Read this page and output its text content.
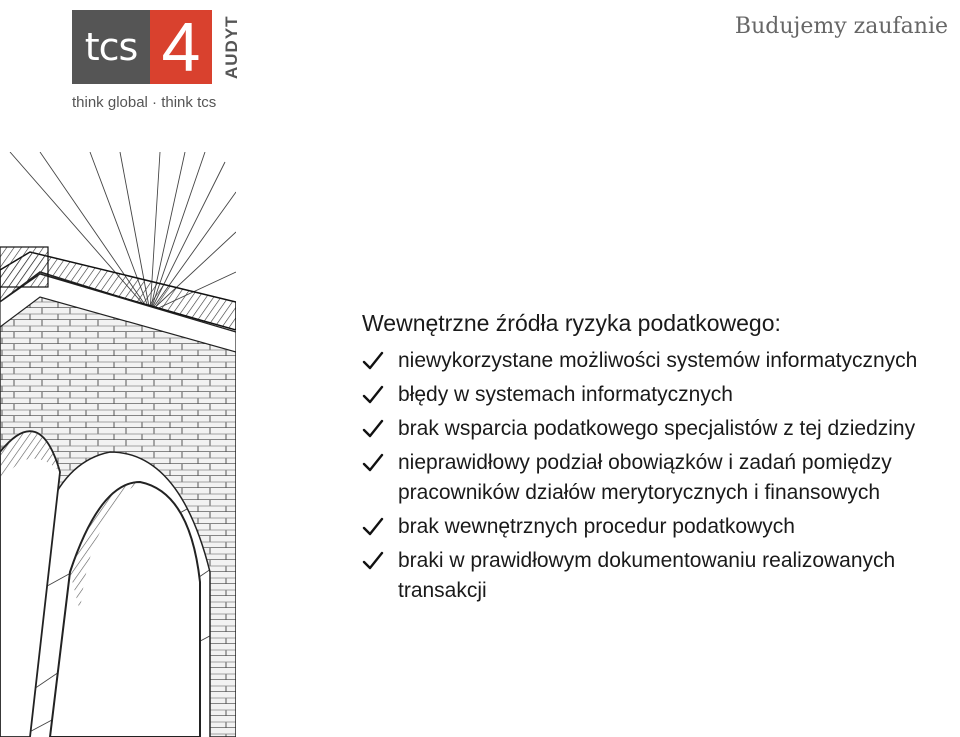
tcs 4	AUDYT
think global · think tcs
Budujemy zaufanie
Wewnętrzne źródła ryzyka podatkowego:
niewykorzystane możliwości systemów informatycznych
błędy w systemach informatycznych
brak wsparcia podatkowego specjalistów z tej dziedziny
nieprawidłowy podział obowiązków i zadań pomiędzy pracowników działów merytorycznych i finansowych
brak wewnętrznych procedur podatkowych
braki w prawidłowym dokumentowaniu realizowanych transakcji
